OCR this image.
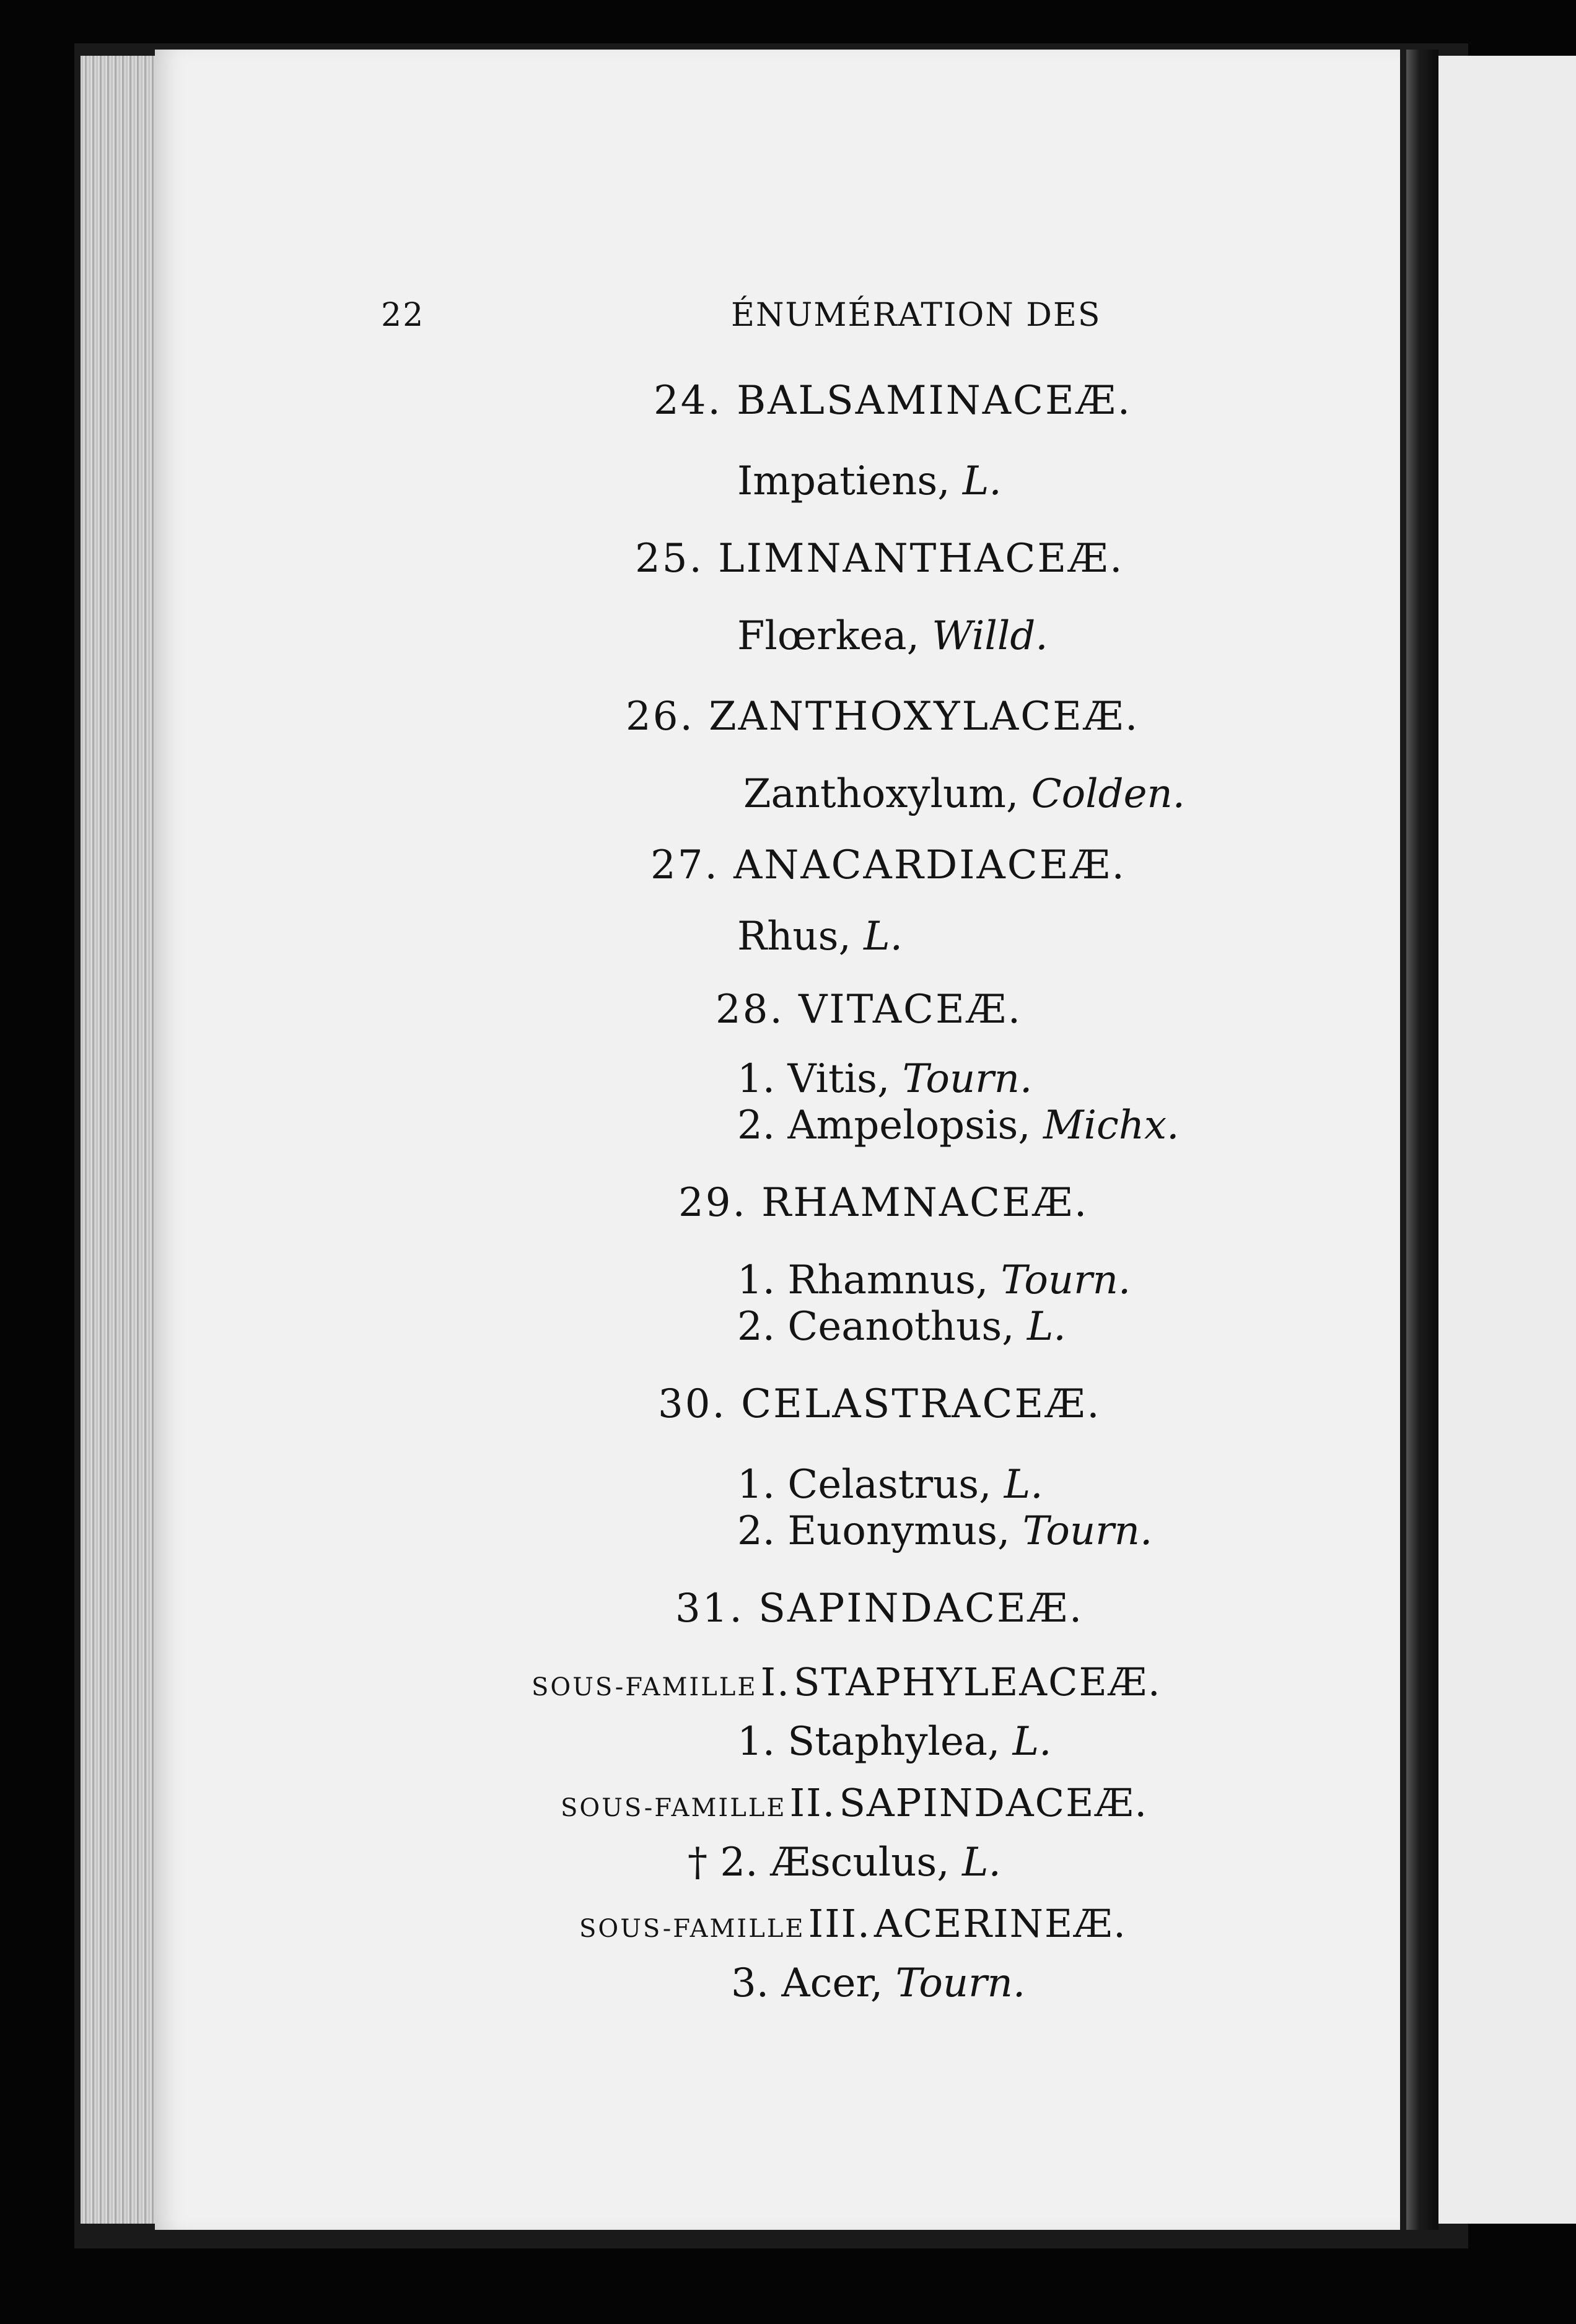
22	ÉNUMÉRATION DES
24. BALSAMINACEÆ.
Impatiens, L.
25. LIMNANTHACEÆ.
Flœrkea, Willd.
26. ZANTHOXYLACEÆ.
Zanthoxylum, Colden.
27. ANACARDIACEÆ.
Rhus, L.
28. VITACEÆ.
1. Vitis, Tourn.
2. Ampelopsis, Michx.
29. RHAMNACEÆ.
1. Rhamnus, Tourn.
2. Ceanothus, L.
30. CELASTRACEÆ.
1. Celastrus, L.
2. Euonymus, Tourn.
31. SAPINDACEÆ.
SOUS-FAMILLE I. STAPHYLEACEÆ.
1. Staphylea, L.
SOUS-FAMILLE II. SAPINDACEÆ.
† 2. Æsculus, L.
SOUS-FAMILLE III. ACERINEÆ.
3. Acer, Tourn.
